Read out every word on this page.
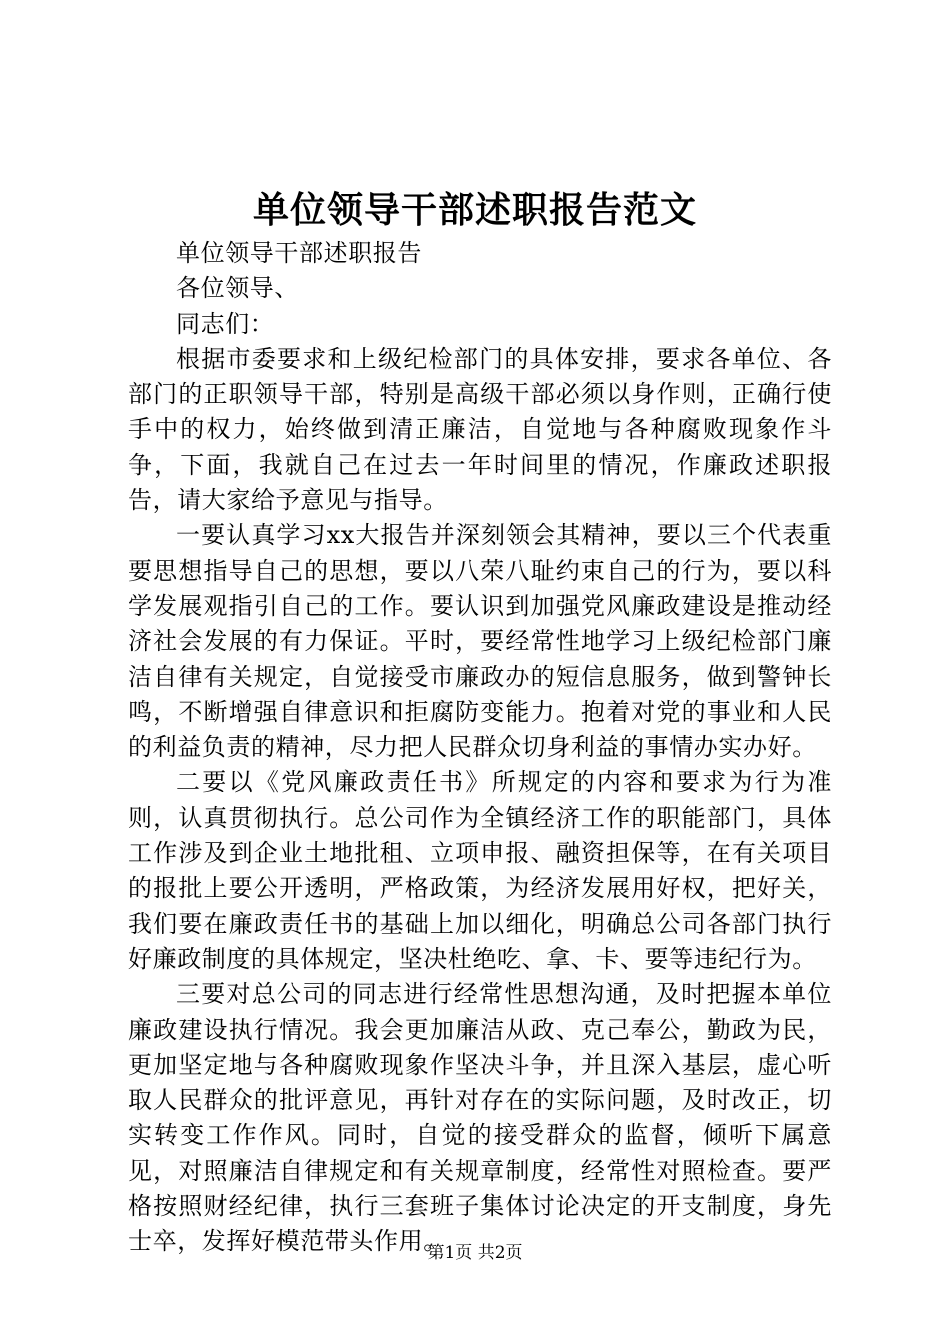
单位领导干部述职报告范文

单位领导干部述职报告

各位领导、

同志们：

根据市委要求和上级纪检部门的具体安排，要求各单位、各部门的正职领导干部，特别是高级干部必须以身作则，正确行使手中的权力，始终做到清正廉洁，自觉地与各种腐败现象作斗争，下面，我就自己在过去一年时间里的情况，作廉政述职报告，请大家给予意见与指导。

一要认真学习xx大报告并深刻领会其精神，要以三个代表重要思想指导自己的思想，要以八荣八耻约束自己的行为，要以科学发展观指引自己的工作。要认识到加强党风廉政建设是推动经济社会发展的有力保证。平时，要经常性地学习上级纪检部门廉洁自律有关规定，自觉接受市廉政办的短信息服务，做到警钟长鸣，不断增强自律意识和拒腐防变能力。抱着对党的事业和人民的利益负责的精神，尽力把人民群众切身利益的事情办实办好。

二要以《党风廉政责任书》所规定的内容和要求为行为准则，认真贯彻执行。总公司作为全镇经济工作的职能部门，具体工作涉及到企业土地批租、立项申报、融资担保等，在有关项目的报批上要公开透明，严格政策，为经济发展用好权，把好关，我们要在廉政责任书的基础上加以细化，明确总公司各部门执行好廉政制度的具体规定，坚决杜绝吃、拿、卡、要等违纪行为。

三要对总公司的同志进行经常性思想沟通，及时把握本单位廉政建设执行情况。我会更加廉洁从政、克己奉公，勤政为民，更加坚定地与各种腐败现象作坚决斗争，并且深入基层，虚心听取人民群众的批评意见，再针对存在的实际问题，及时改正，切实转变工作作风。同时，自觉的接受群众的监督，倾听下属意见，对照廉洁自律规定和有关规章制度，经常性对照检查。要严格按照财经纪律，执行三套班子集体讨论决定的开支制度，身先士卒，发挥好模范带头作用。

第1页 共2页
